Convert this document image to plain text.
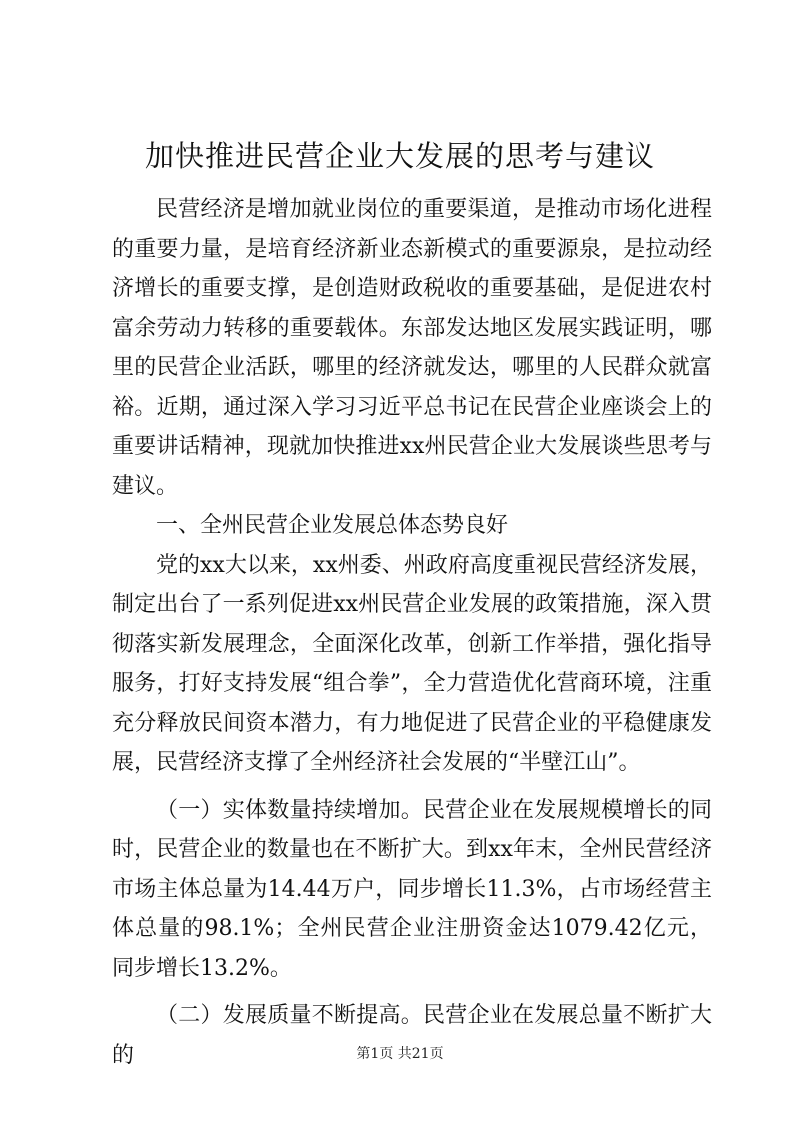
加快推进民营企业大发展的思考与建议

民营经济是增加就业岗位的重要渠道，是推动市场化进程的重要力量，是培育经济新业态新模式的重要源泉，是拉动经济增长的重要支撑，是创造财政税收的重要基础，是促进农村富余劳动力转移的重要载体。东部发达地区发展实践证明，哪里的民营企业活跃，哪里的经济就发达，哪里的人民群众就富裕。近期，通过深入学习习近平总书记在民营企业座谈会上的重要讲话精神，现就加快推进xx州民营企业大发展谈些思考与建议。

一、全州民营企业发展总体态势良好

党的xx大以来，xx州委、州政府高度重视民营经济发展，制定出台了一系列促进xx州民营企业发展的政策措施，深入贯彻落实新发展理念，全面深化改革，创新工作举措，强化指导服务，打好支持发展“组合拳”，全力营造优化营商环境，注重充分释放民间资本潜力，有力地促进了民营企业的平稳健康发展，民营经济支撑了全州经济社会发展的“半壁江山”。

（一）实体数量持续增加。民营企业在发展规模增长的同时，民营企业的数量也在不断扩大。到xx年末，全州民营经济市场主体总量为14.44万户，同步增长11.3%，占市场经营主体总量的98.1%；全州民营企业注册资金达1079.42亿元，同步增长13.2%。

（二）发展质量不断提高。民营企业在发展总量不断扩大的	第1页 共21页
